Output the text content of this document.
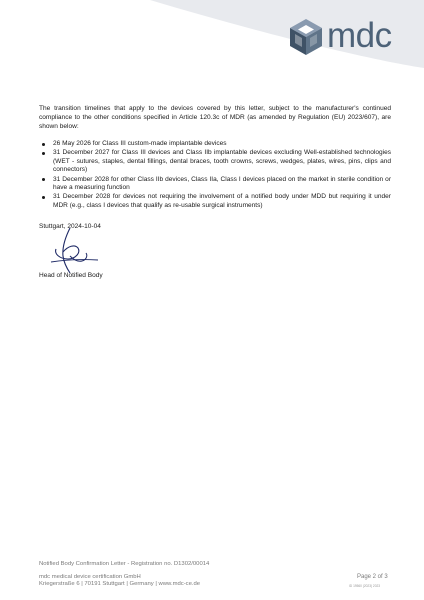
mdc

The transition timelines that apply to the devices covered by this letter, subject to the manufacturer's continued compliance to the other conditions specified in Article 120.3c of MDR (as amended by Regulation (EU) 2023/607), are shown below:

26 May 2026 for Class III custom-made implantable devices
31 December 2027 for Class III devices and Class IIb implantable devices excluding Well-established technologies (WET - sutures, staples, dental fillings, dental braces, tooth crowns, screws, wedges, plates, wires, pins, clips and connectors)
31 December 2028 for other Class IIb devices, Class IIa, Class I devices placed on the market in sterile condition or have a measuring function
31 December 2028 for devices not requiring the involvement of a notified body under MDD but requiring it under MDR (e.g., class I devices that qualify as re-usable surgical instruments)

Stuttgart, 2024-10-04

Head of Notified Body

Notified Body Confirmation Letter - Registration no. D1302/00014

mdc medical device certification GmbH

Kriegerstraße 6 | 70191 Stuttgart | Germany | www.mdc-ce.de

Page 2 of 3

ID 19560 (2023) 2023
